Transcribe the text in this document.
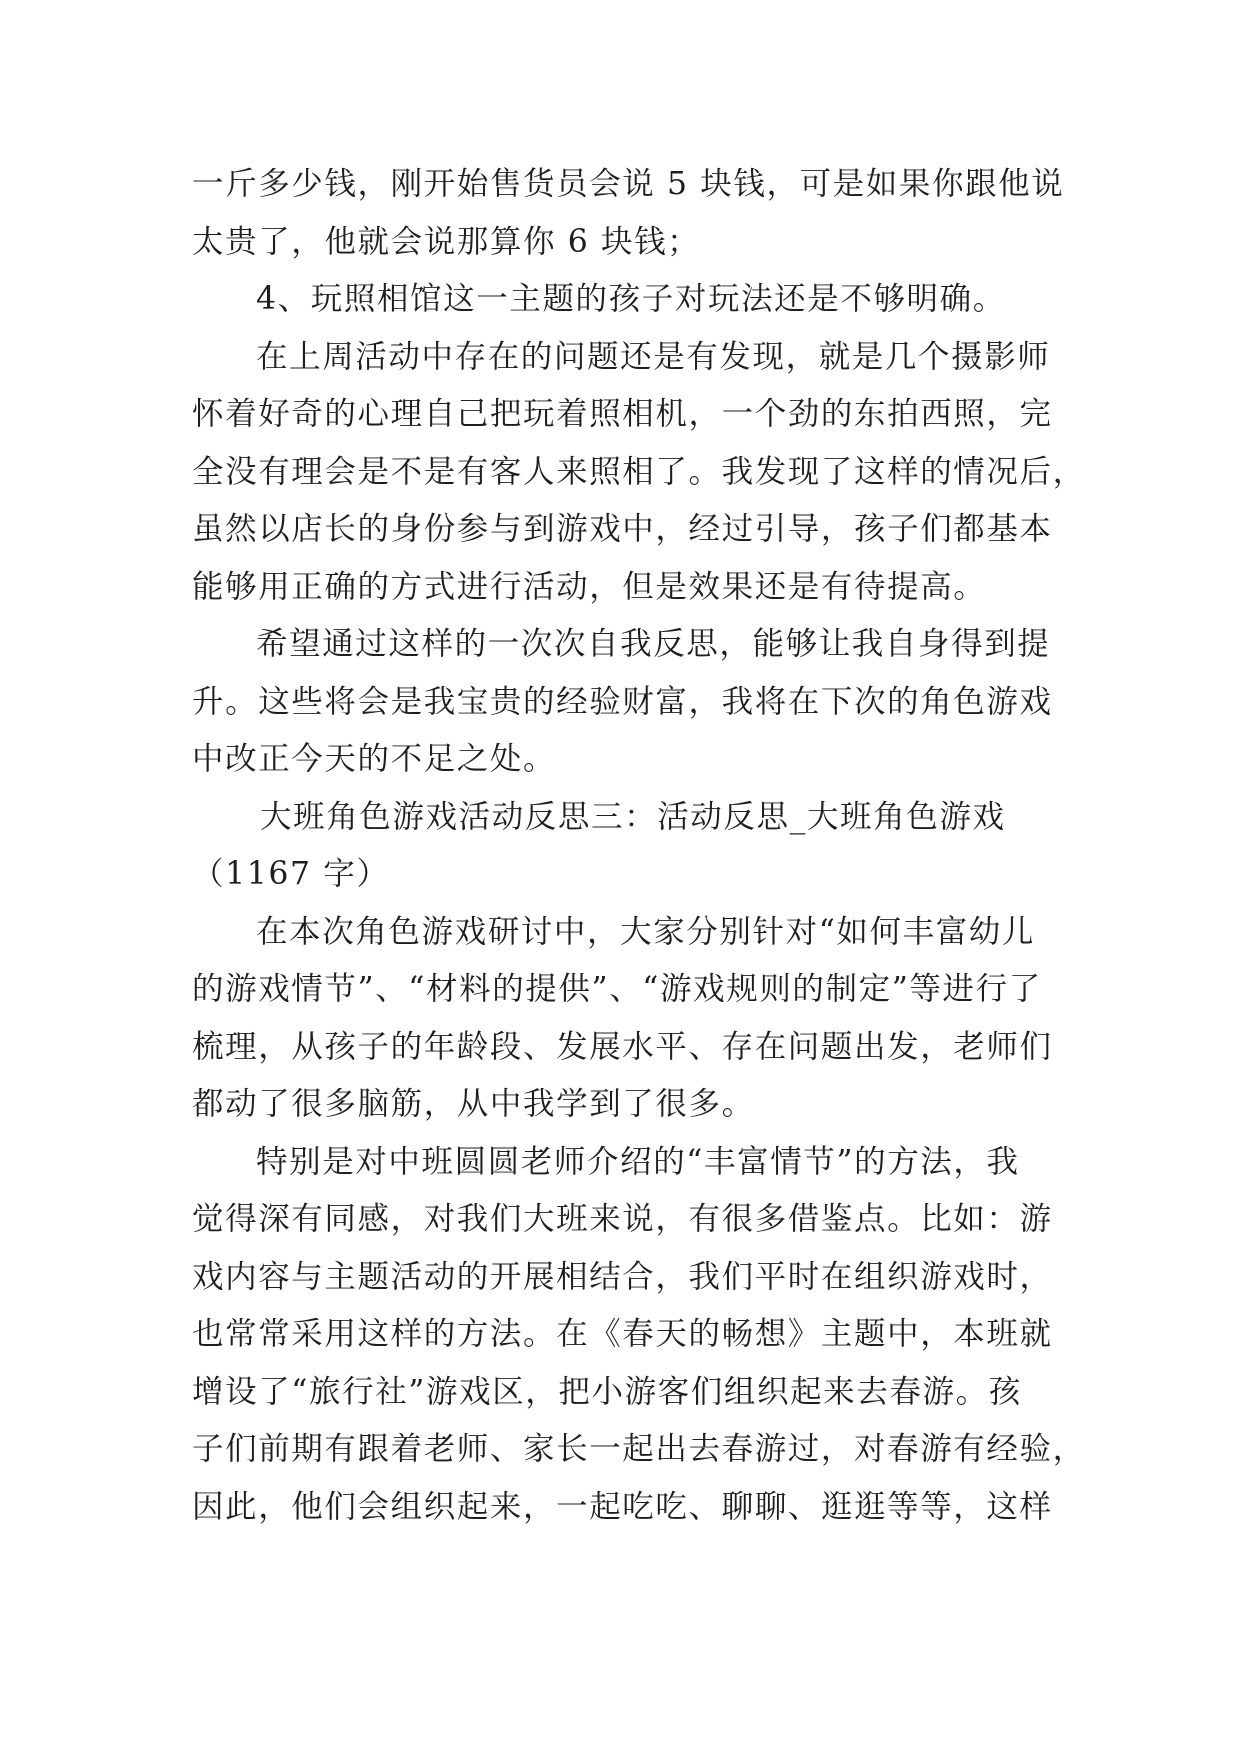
一斤多少钱，刚开始售货员会说 5 块钱，可是如果你跟他说
太贵了，他就会说那算你 6 块钱；
4、玩照相馆这一主题的孩子对玩法还是不够明确。
在上周活动中存在的问题还是有发现，就是几个摄影师
怀着好奇的心理自己把玩着照相机，一个劲的东拍西照，完
全没有理会是不是有客人来照相了。我发现了这样的情况后，
虽然以店长的身份参与到游戏中，经过引导，孩子们都基本
能够用正确的方式进行活动，但是效果还是有待提高。
希望通过这样的一次次自我反思，能够让我自身得到提
升。这些将会是我宝贵的经验财富，我将在下次的角色游戏
中改正今天的不足之处。
大班角色游戏活动反思三：活动反思_大班角色游戏
（1167 字）
在本次角色游戏研讨中，大家分别针对“如何丰富幼儿
的游戏情节”、“材料的提供”、“游戏规则的制定”等进行了
梳理，从孩子的年龄段、发展水平、存在问题出发，老师们
都动了很多脑筋，从中我学到了很多。
特别是对中班圆圆老师介绍的“丰富情节”的方法，我
觉得深有同感，对我们大班来说，有很多借鉴点。比如：游
戏内容与主题活动的开展相结合，我们平时在组织游戏时，
也常常采用这样的方法。在《春天的畅想》主题中，本班就
增设了“旅行社”游戏区，把小游客们组织起来去春游。孩
子们前期有跟着老师、家长一起出去春游过，对春游有经验，
因此，他们会组织起来，一起吃吃、聊聊、逛逛等等，这样
